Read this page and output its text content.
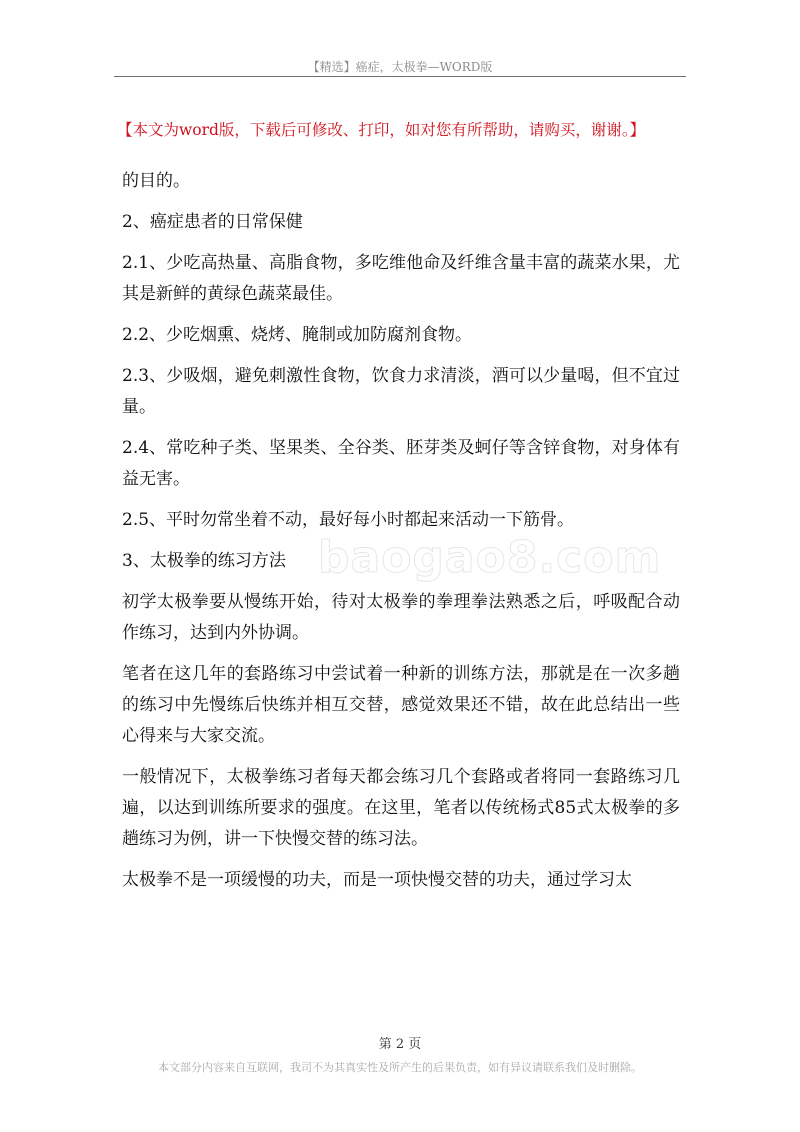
【精选】癌症，太极拳—WORD版
【本文为word版，下载后可修改、打印，如对您有所帮助，请购买，谢谢。】

的目的。

2、癌症患者的日常保健

2.1、少吃高热量、高脂食物，多吃维他命及纤维含量丰富的蔬菜水果，尤其是新鲜的黄绿色蔬菜最佳。

2.2、少吃烟熏、烧烤、腌制或加防腐剂食物。

2.3、少吸烟，避免刺激性食物，饮食力求清淡，酒可以少量喝，但不宜过量。

2.4、常吃种子类、坚果类、全谷类、胚芽类及蚵仔等含锌食物，对身体有益无害。

2.5、平时勿常坐着不动，最好每小时都起来活动一下筋骨。

3、太极拳的练习方法

初学太极拳要从慢练开始，待对太极拳的拳理拳法熟悉之后，呼吸配合动作练习，达到内外协调。

笔者在这几年的套路练习中尝试着一种新的训练方法，那就是在一次多趟的练习中先慢练后快练并相互交替，感觉效果还不错，故在此总结出一些心得来与大家交流。

一般情况下，太极拳练习者每天都会练习几个套路或者将同一套路练习几遍，以达到训练所要求的强度。在这里，笔者以传统杨式85式太极拳的多趟练习为例，讲一下快慢交替的练习法。

太极拳不是一项缓慢的功夫，而是一项快慢交替的功夫，通过学习太

baogao8.com
第 2 页
本文部分内容来自互联网，我司不为其真实性及所产生的后果负责，如有异议请联系我们及时删除。
